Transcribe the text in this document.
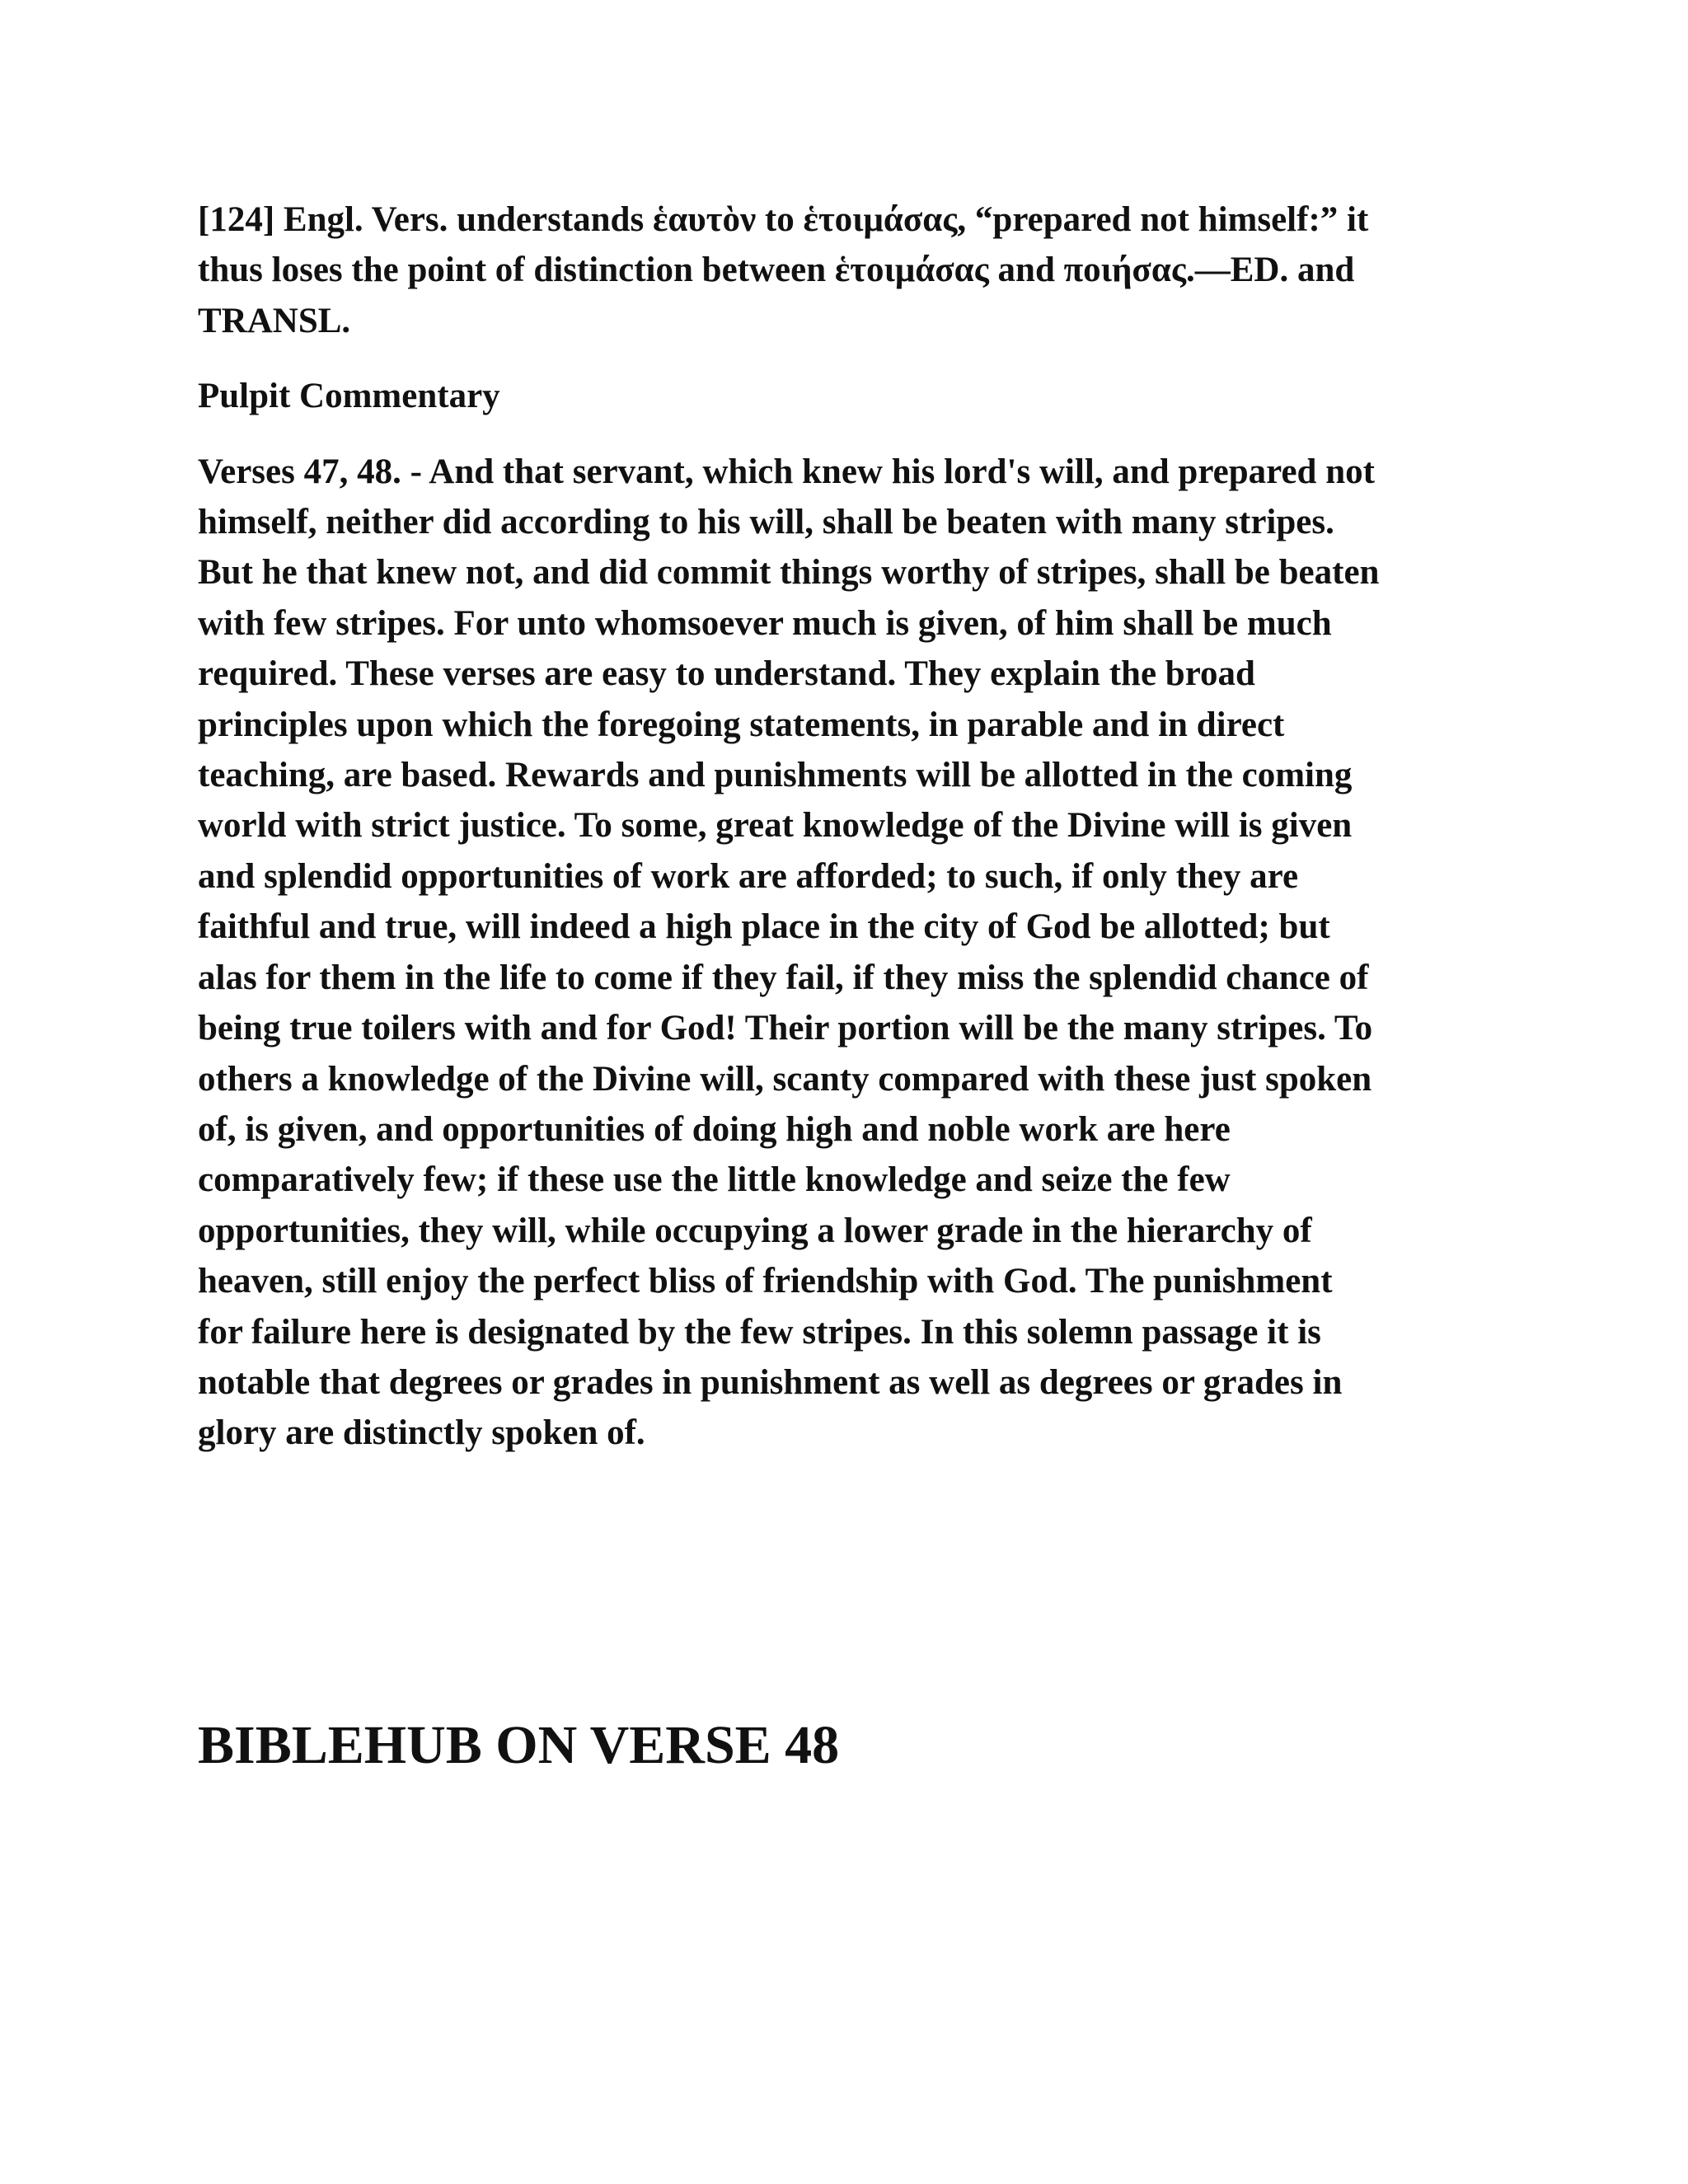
[124] Engl. Vers. understands ἑαυτὸν to ἑτοιμάσας, “prepared not himself:” it
thus loses the point of distinction between ἑτοιμάσας and ποιήσας.—ED. and
TRANSL.

Pulpit Commentary

Verses 47, 48. - And that servant, which knew his lord's will, and prepared not
himself, neither did according to his will, shall be beaten with many stripes.
But he that knew not, and did commit things worthy of stripes, shall be beaten
with few stripes. For unto whomsoever much is given, of him shall be much
required. These verses are easy to understand. They explain the broad
principles upon which the foregoing statements, in parable and in direct
teaching, are based. Rewards and punishments will be allotted in the coming
world with strict justice. To some, great knowledge of the Divine will is given
and splendid opportunities of work are afforded; to such, if only they are
faithful and true, will indeed a high place in the city of God be allotted; but
alas for them in the life to come if they fail, if they miss the splendid chance of
being true toilers with and for God! Their portion will be the many stripes. To
others a knowledge of the Divine will, scanty compared with these just spoken
of, is given, and opportunities of doing high and noble work are here
comparatively few; if these use the little knowledge and seize the few
opportunities, they will, while occupying a lower grade in the hierarchy of
heaven, still enjoy the perfect bliss of friendship with God. The punishment
for failure here is designated by the few stripes. In this solemn passage it is
notable that degrees or grades in punishment as well as degrees or grades in
glory are distinctly spoken of.

BIBLEHUB ON VERSE 48
